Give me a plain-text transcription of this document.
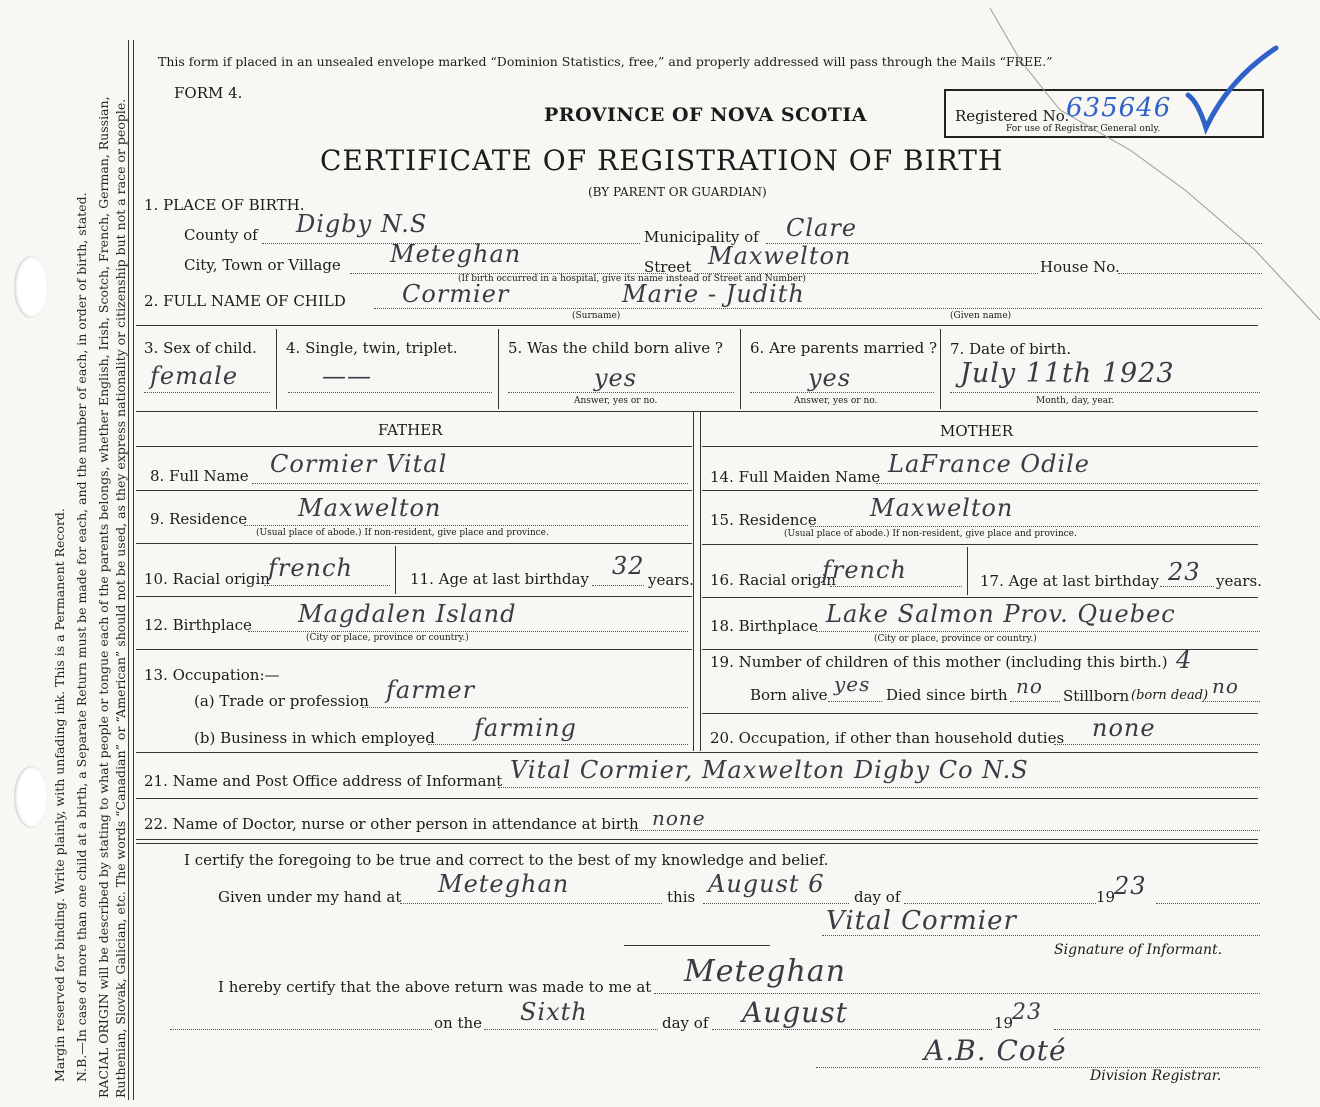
Margin reserved for binding. Write plainly, with unfading ink. This is a Permanent Record. N.B.—In case of more than one child at a birth, a Separate Return must be made for each, and the number of each, in order of birth, stated. RACIAL ORIGIN will be described by stating to what people or tongue each of the parents belongs, whether English, Irish, Scotch, French, German, Russian, Ruthenian, Slovak, Galician, etc. The words “Canadian” or “American” should not be used, as they express nationality or citizenship but not a race or people.
This form if placed in an unsealed envelope marked “Dominion Statistics, free,” and properly addressed will pass through the Mails “FREE.”
FORM 4.
PROVINCE OF NOVA SCOTIA
CERTIFICATE OF REGISTRATION OF BIRTH
(BY PARENT OR GUARDIAN)
Registered No.
635646
For use of Registrar General only.
1. PLACE OF BIRTH.
County of Digby N.S	Municipality of Clare
City, Town or Village Meteghan	Street Maxwelton	House No.
(If birth occurred in a hospital, give its name instead of Street and Number)
2. FULL NAME OF CHILD Cormier	Marie - Judith
(Surname)	(Given name)
3. Sex of child.
female
4. Single, twin, triplet.
——
5. Was the child born alive ?
yes
Answer, yes or no.
6. Are parents married ?
yes
Answer, yes or no.
7. Date of birth.
July 11th 1923
Month, day, year.
FATHER	MOTHER
8. Full Name Cormier Vital
9. Residence Maxwelton
(Usual place of abode.) If non-resident, give place and province.
10. Racial origin
french	11. Age at last birthday 32 years.
12. Birthplace Magdalen Island
(City or place, province or country.)
13. Occupation:—
(a) Trade or profession farmer
(b) Business in which employed farming
14. Full Maiden Name LaFrance Odile
15. Residence Maxwelton
(Usual place of abode.) If non-resident, give place and province.
16. Racial origin
french	17. Age at last birthday 23 years.
18. Birthplace Lake Salmon Prov. Quebec
(City or place, province or country.)
19. Number of children of this mother (including this birth.) 4
Born alive yes Died since birth no Stillborn (born dead) no
20. Occupation, if other than household duties none
21. Name and Post Office address of Informant Vital Cormier, Maxwelton Digby Co N.S
22. Name of Doctor, nurse or other person in attendance at birth none
I certify the foregoing to be true and correct to the best of my knowledge and belief.
Given under my hand at Meteghan	this August 6 day of	19
23
Vital Cormier
Signature of Informant.
I hereby certify that the above return was made to me at Meteghan
on the Sixth	day of August	19
23
A.B. Coté
Division Registrar.
